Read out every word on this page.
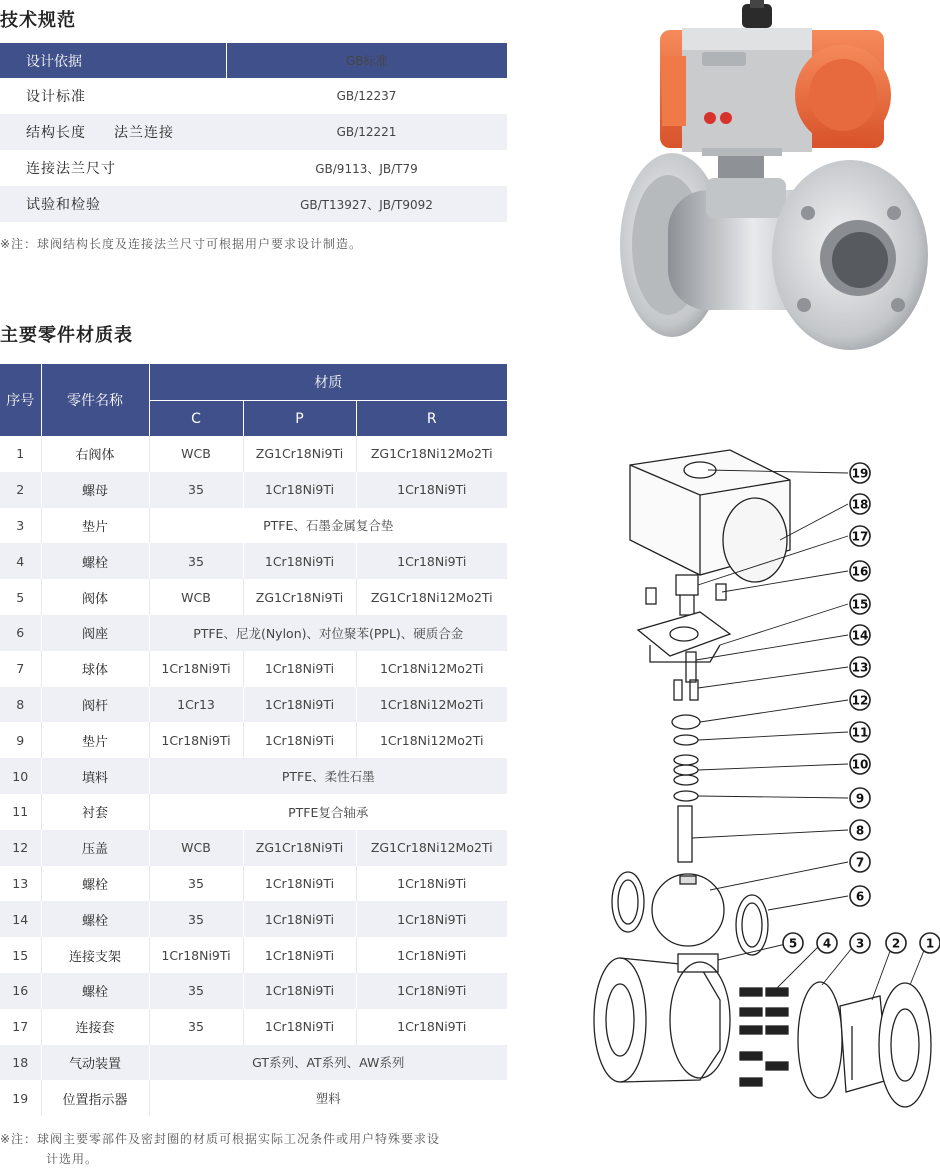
技术规范
设计依据	GB标准
设计标准	GB/12237
结构长度 法兰连接	GB/12221
连接法兰尺寸	GB/9113、JB/T79
试验和检验	GB/T13927、JB/T9092
※注：球阀结构长度及连接法兰尺寸可根据用户要求设计制造。
主要零件材质表
序号	零件名称	材质		
		C	P	R
1	右阀体	WCB	ZG1Cr18Ni9Ti	ZG1Cr18Ni12Mo2Ti
2	螺母	35	1Cr18Ni9Ti	1Cr18Ni9Ti
3	垫片	PTFE、石墨金属复合垫		
4	螺栓	35	1Cr18Ni9Ti	1Cr18Ni9Ti
5	阀体	WCB	ZG1Cr18Ni9Ti	ZG1Cr18Ni12Mo2Ti
6	阀座	PTFE、尼龙(Nylon)、对位聚苯(PPL)、硬质合金		
7	球体	1Cr18Ni9Ti	1Cr18Ni9Ti	1Cr18Ni12Mo2Ti
8	阀杆	1Cr13	1Cr18Ni9Ti	1Cr18Ni12Mo2Ti
9	垫片	1Cr18Ni9Ti	1Cr18Ni9Ti	1Cr18Ni12Mo2Ti
10	填料	PTFE、柔性石墨		
11	衬套	PTFE复合轴承		
12	压盖	WCB	ZG1Cr18Ni9Ti	ZG1Cr18Ni12Mo2Ti
13	螺栓	35	1Cr18Ni9Ti	1Cr18Ni9Ti
14	螺栓	35	1Cr18Ni9Ti	1Cr18Ni9Ti
15	连接支架	1Cr18Ni9Ti	1Cr18Ni9Ti	1Cr18Ni9Ti
16	螺栓	35	1Cr18Ni9Ti	1Cr18Ni9Ti
17	连接套	35	1Cr18Ni9Ti	1Cr18Ni9Ti
18	气动装置	GT系列、AT系列、AW系列		
19	位置指示器	塑料		
※注：球阀主要零部件及密封圈的材质可根据实际工况条件或用户特殊要求设
计选用。
1
2
3
4
5
6
7
8
9
10
11
12
13
14
15
16
17
18
19
